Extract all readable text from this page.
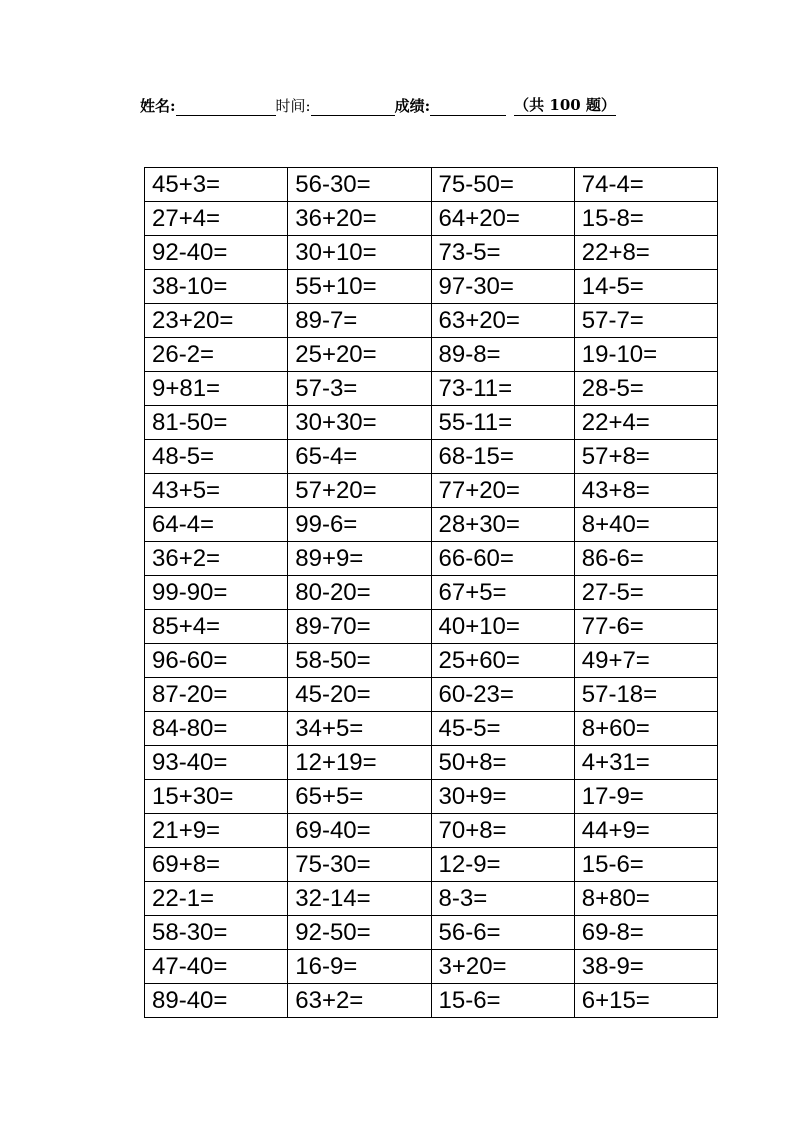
姓名:	时间:	成绩:	（共 100 题）
45+3=	56-30=	75-50=	74-4=
27+4=	36+20=	64+20=	15-8=
92-40=	30+10=	73-5=	22+8=
38-10=	55+10=	97-30=	14-5=
23+20=	89-7=	63+20=	57-7=
26-2=	25+20=	89-8=	19-10=
9+81=	57-3=	73-11=	28-5=
81-50=	30+30=	55-11=	22+4=
48-5=	65-4=	68-15=	57+8=
43+5=	57+20=	77+20=	43+8=
64-4=	99-6=	28+30=	8+40=
36+2=	89+9=	66-60=	86-6=
99-90=	80-20=	67+5=	27-5=
85+4=	89-70=	40+10=	77-6=
96-60=	58-50=	25+60=	49+7=
87-20=	45-20=	60-23=	57-18=
84-80=	34+5=	45-5=	8+60=
93-40=	12+19=	50+8=	4+31=
15+30=	65+5=	30+9=	17-9=
21+9=	69-40=	70+8=	44+9=
69+8=	75-30=	12-9=	15-6=
22-1=	32-14=	8-3=	8+80=
58-30=	92-50=	56-6=	69-8=
47-40=	16-9=	3+20=	38-9=
89-40=	63+2=	15-6=	6+15=
